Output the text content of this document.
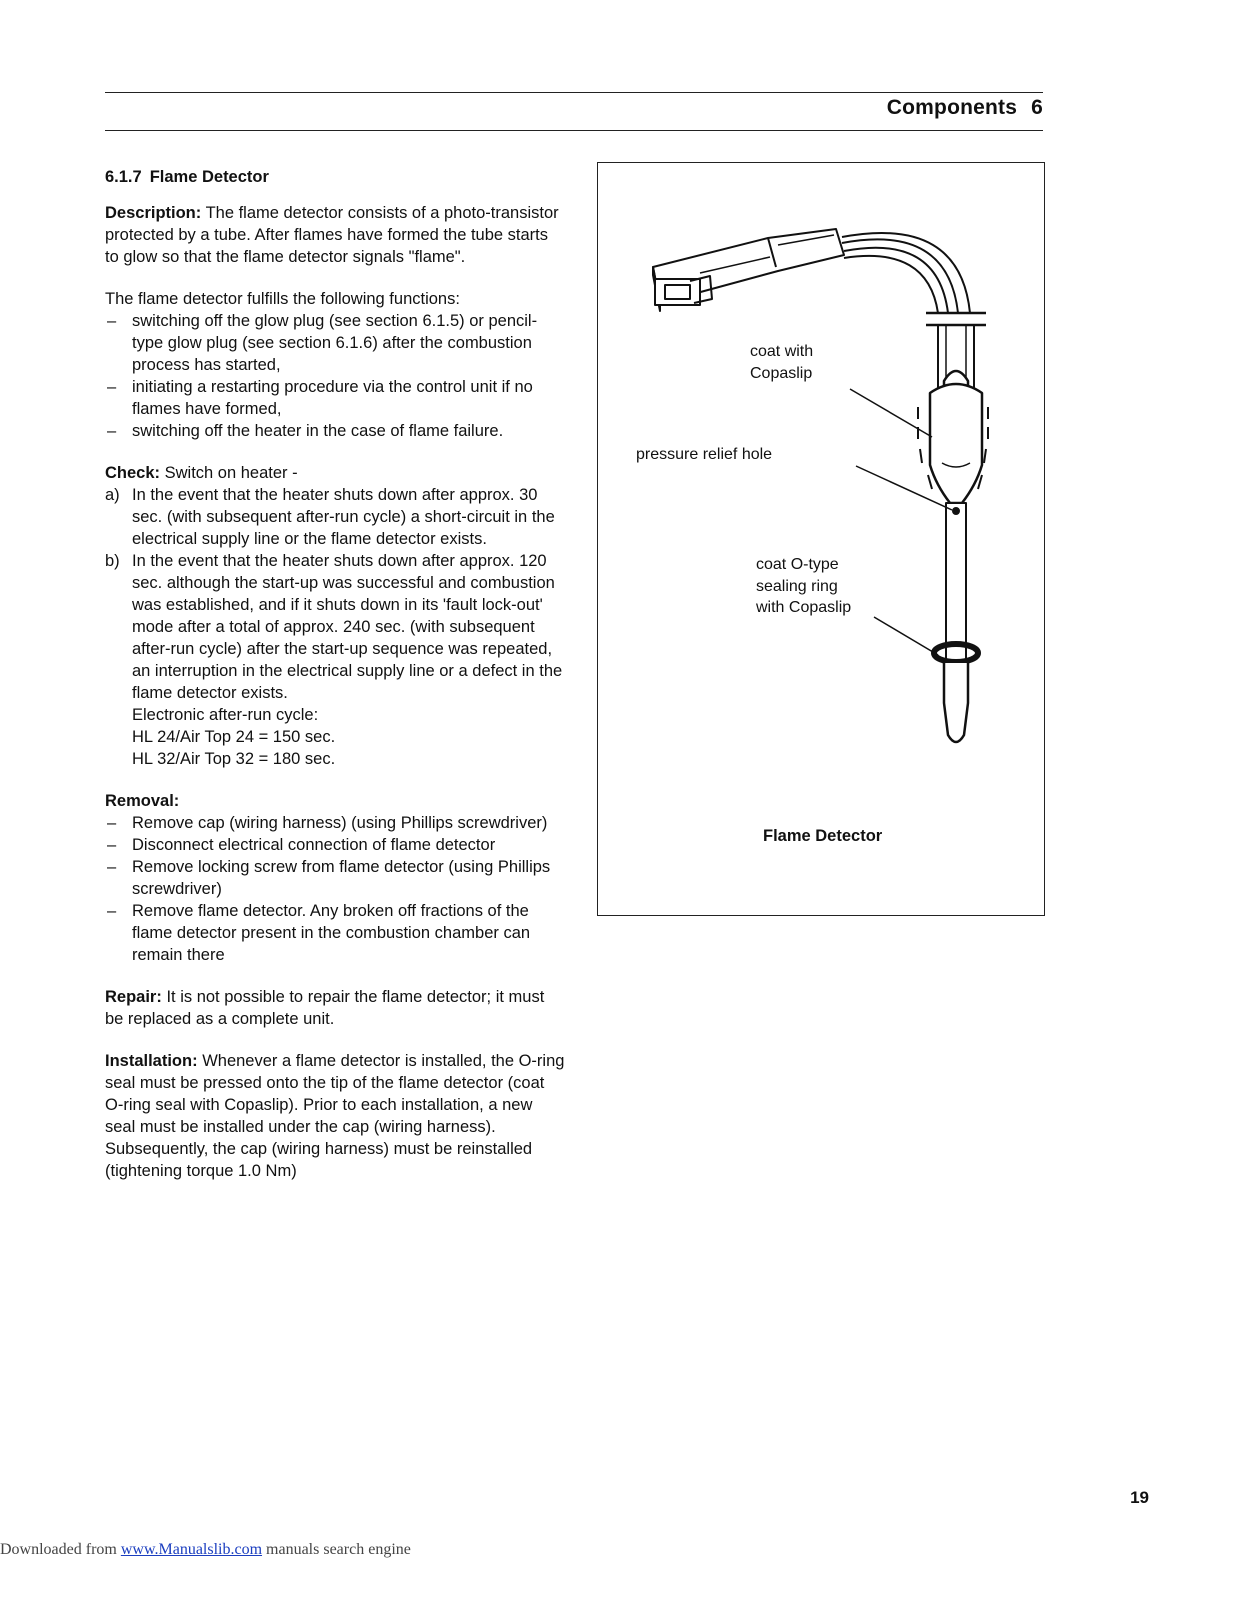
Components 6
6.1.7 Flame Detector

Description: The flame detector consists of a photo-transistor protected by a tube. After flames have formed the tube starts to glow so that the flame detector signals "flame".

The flame detector fulfills the following functions:

– switching off the glow plug (see section 6.1.5) or pencil-type glow plug (see section 6.1.6) after the combustion process has started,
– initiating a restarting procedure via the control unit if no flames have formed,
– switching off the heater in the case of flame failure.

Check: Switch on heater -

a) In the event that the heater shuts down after approx. 30 sec. (with subsequent after-run cycle) a short-circuit in the electrical supply line or the flame detector exists.
b) In the event that the heater shuts down after approx. 120 sec. although the start-up was successful and combustion was established, and if it shuts down in its 'fault lock-out' mode after a total of approx. 240 sec. (with subsequent after-run cycle) after the start-up sequence was repeated, an interruption in the electrical supply line or a defect in the flame detector exists.
Electronic after-run cycle:
HL 24/Air Top 24 = 150 sec.
HL 32/Air Top 32 = 180 sec.

Removal:

– Remove cap (wiring harness) (using Phillips screwdriver)
– Disconnect electrical connection of flame detector
– Remove locking screw from flame detector (using Phillips screwdriver)
– Remove flame detector. Any broken off fractions of the flame detector present in the combustion chamber can remain there

Repair: It is not possible to repair the flame detector; it must be replaced as a complete unit.

Installation: Whenever a flame detector is installed, the O-ring seal must be pressed onto the tip of the flame detector (coat O-ring seal with Copaslip). Prior to each installation, a new seal must be installed under the cap (wiring harness). Subsequently, the cap (wiring harness) must be reinstalled (tightening torque 1.0 Nm)

coat with
Copaslip
pressure relief hole
coat O-type
sealing ring
with Copaslip
Flame Detector
19
Downloaded from www.Manualslib.com manuals search engine
